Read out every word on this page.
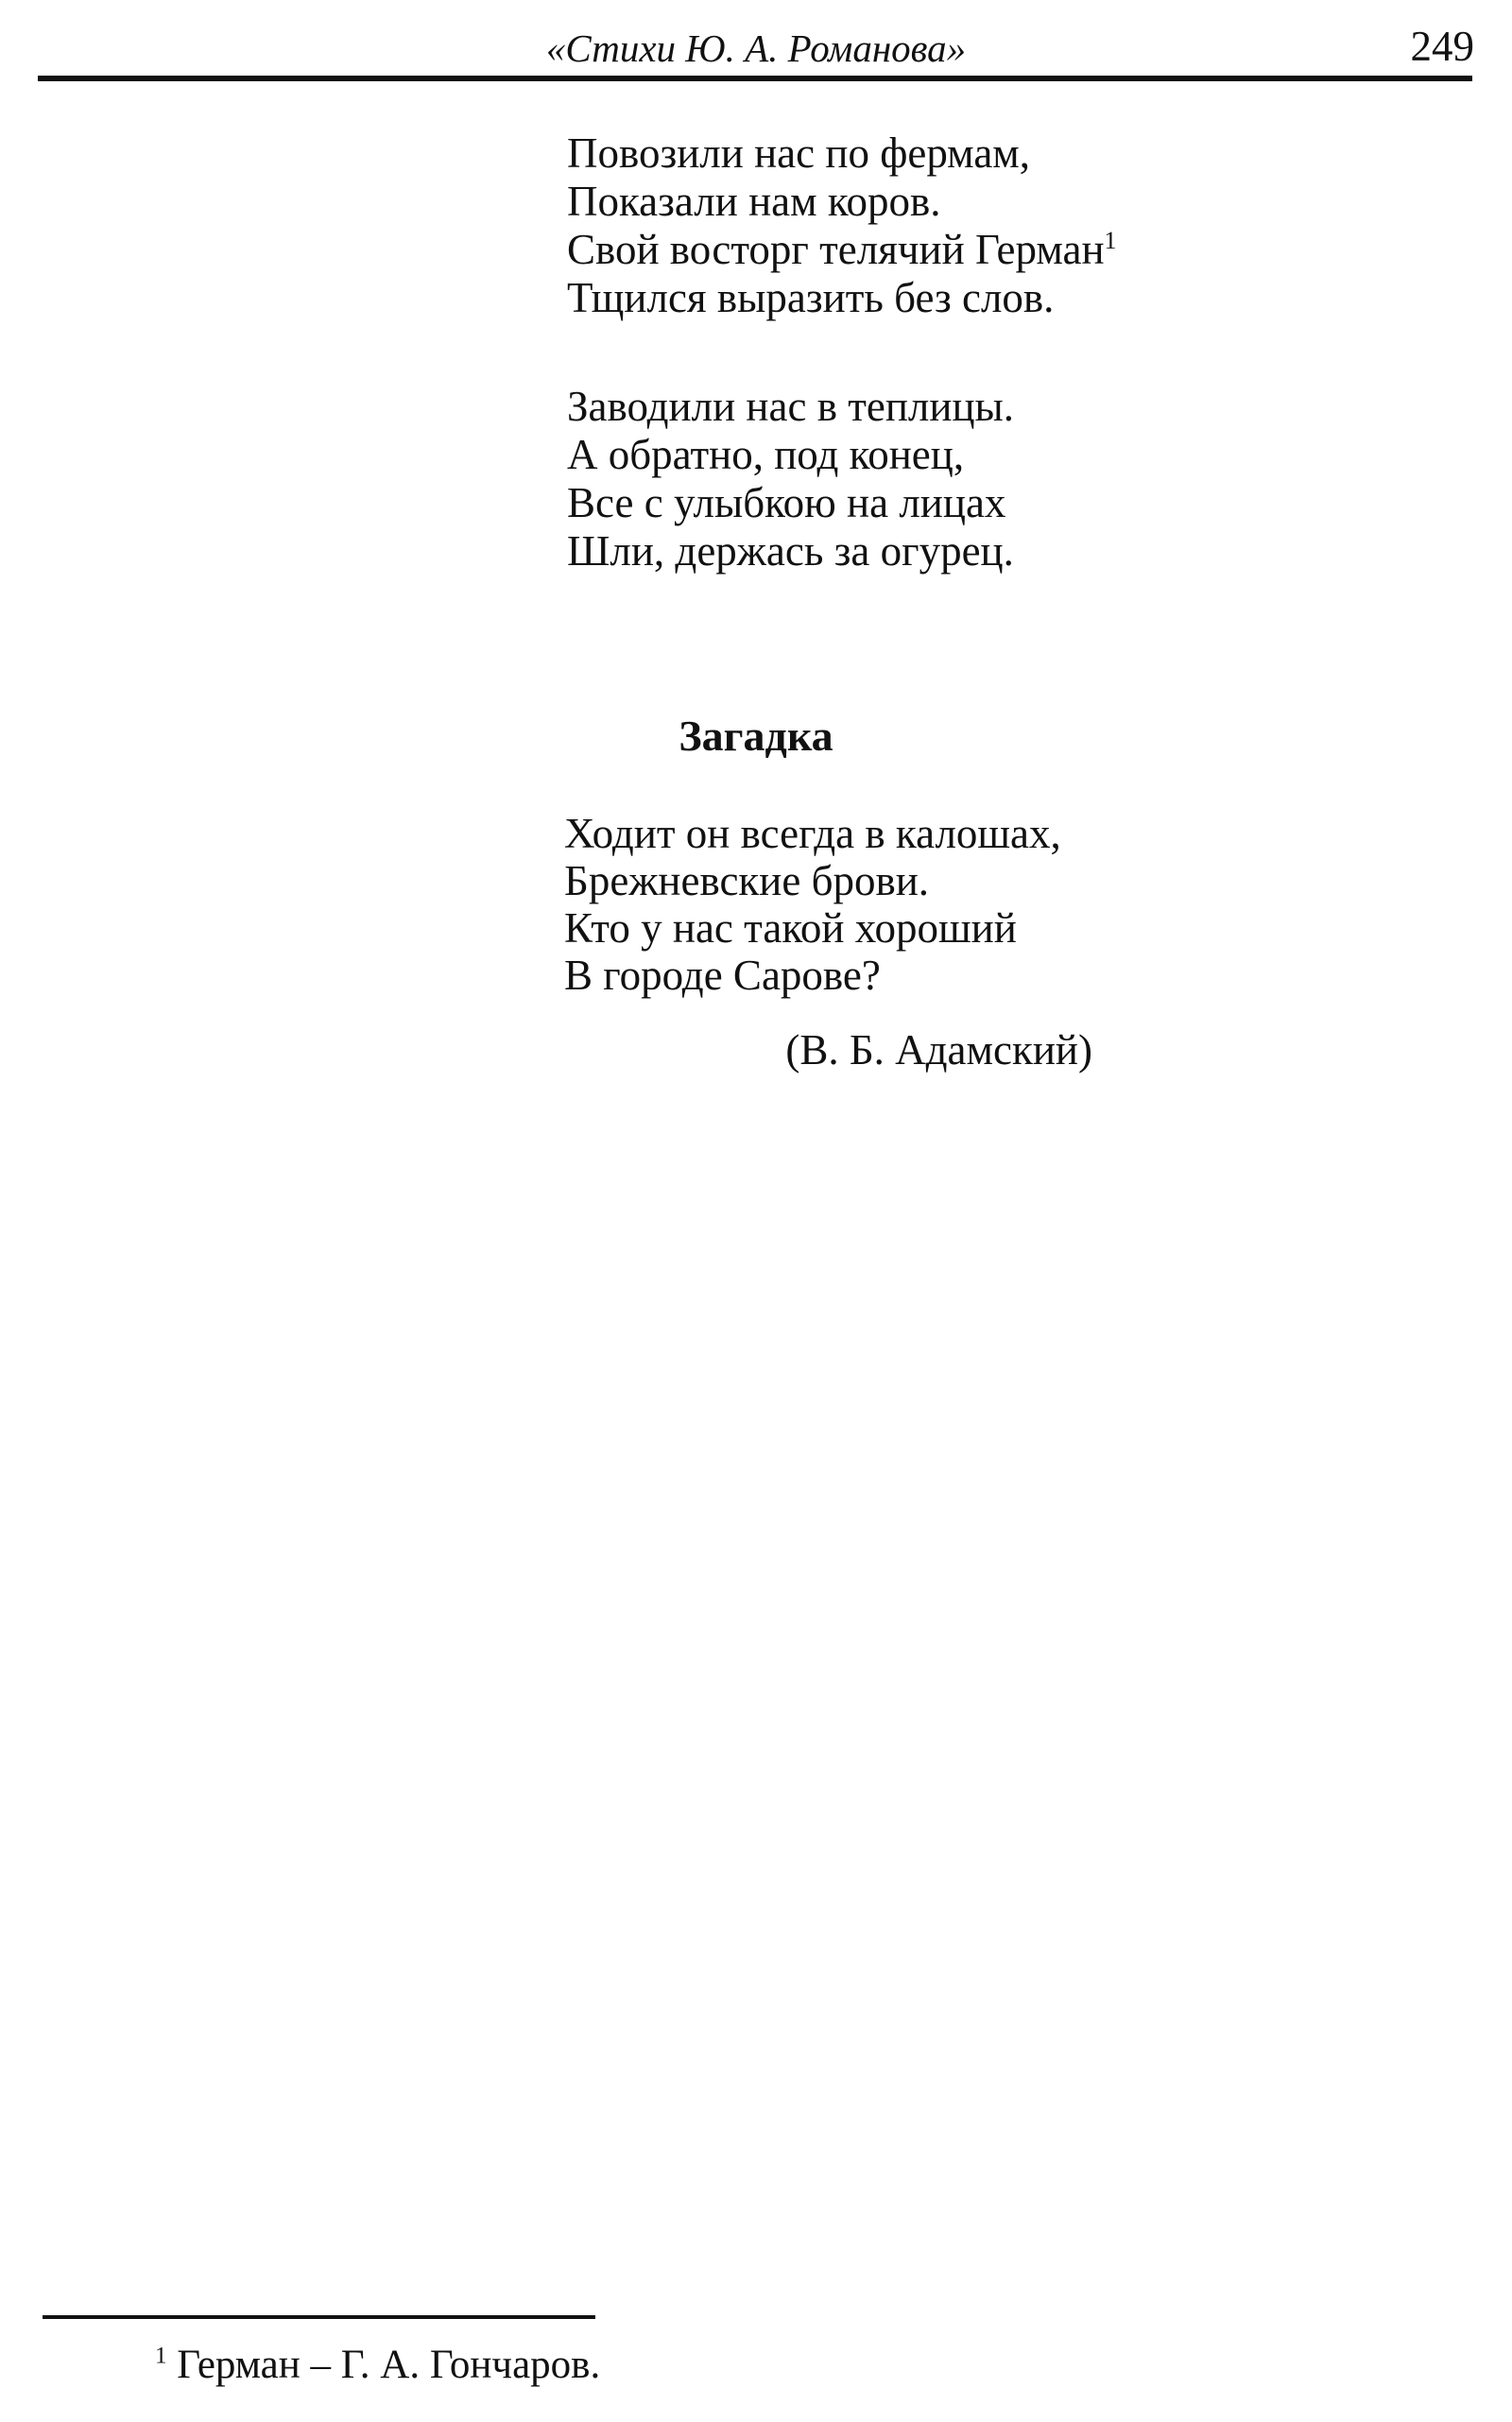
«Стихи Ю. А. Романова»	249
Повозили нас по фермам,
Показали нам коров.
Свой восторг телячий Герман$^1$
Тщился выразить без слов.
Заводили нас в теплицы.
А обратно, под конец,
Все с улыбкою на лицах
Шли, держась за огурец.
Загадка
Ходит он всегда в калошах,
Брежневские брови.
Кто у нас такой хороший
В городе Сарове?
(В. Б. Адамский)
$^1$ Герман – Г. А. Гончаров.
